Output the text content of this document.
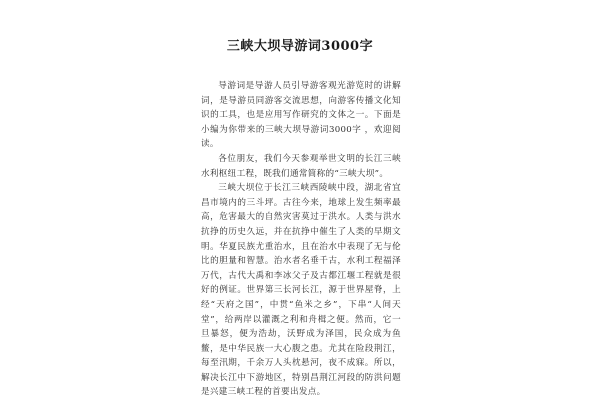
三峡大坝导游词3000字

导游词是导游人员引导游客观光游览时的讲解词，是导游员同游客交流思想，向游客传播文化知识的工具，也是应用写作研究的文体之一。下面是小编为你带来的三峡大坝导游词3000字 ，欢迎阅读。

各位朋友，我们今天参观举世文明的长江三峡水利枢纽工程，既我们通常简称的“三峡大坝”。

三峡大坝位于长江三峡西陵峡中段，湖北省宜昌市境内的三斗坪。古往今来，地球上发生频率最高，危害最大的自然灾害莫过于洪水。人类与洪水抗挣的历史久远，并在抗挣中催生了人类的早期文明。华夏民族尤重治水，且在治水中表现了无与伦比的胆量和智慧。治水者名垂千古，水利工程福泽万代，古代大禹和李冰父子及古都江堰工程就是很好的例证。世界第三长河长江，源于世界屋脊，上经“天府之国”，中贯“鱼米之乡”，下串“人间天堂”，给两岸以灌溉之利和舟楫之便。然而，它一旦暴怒，便为浩劫，沃野成为泽国，民众成为鱼鳖，是中华民族一大心腹之患。尤其在险段荆江，每至汛期，千余万人头枕悬河，夜不成寐。所以，解决长江中下游地区，特别昌荆江河段的防洪问题是兴建三峡工程的首要出发点。
